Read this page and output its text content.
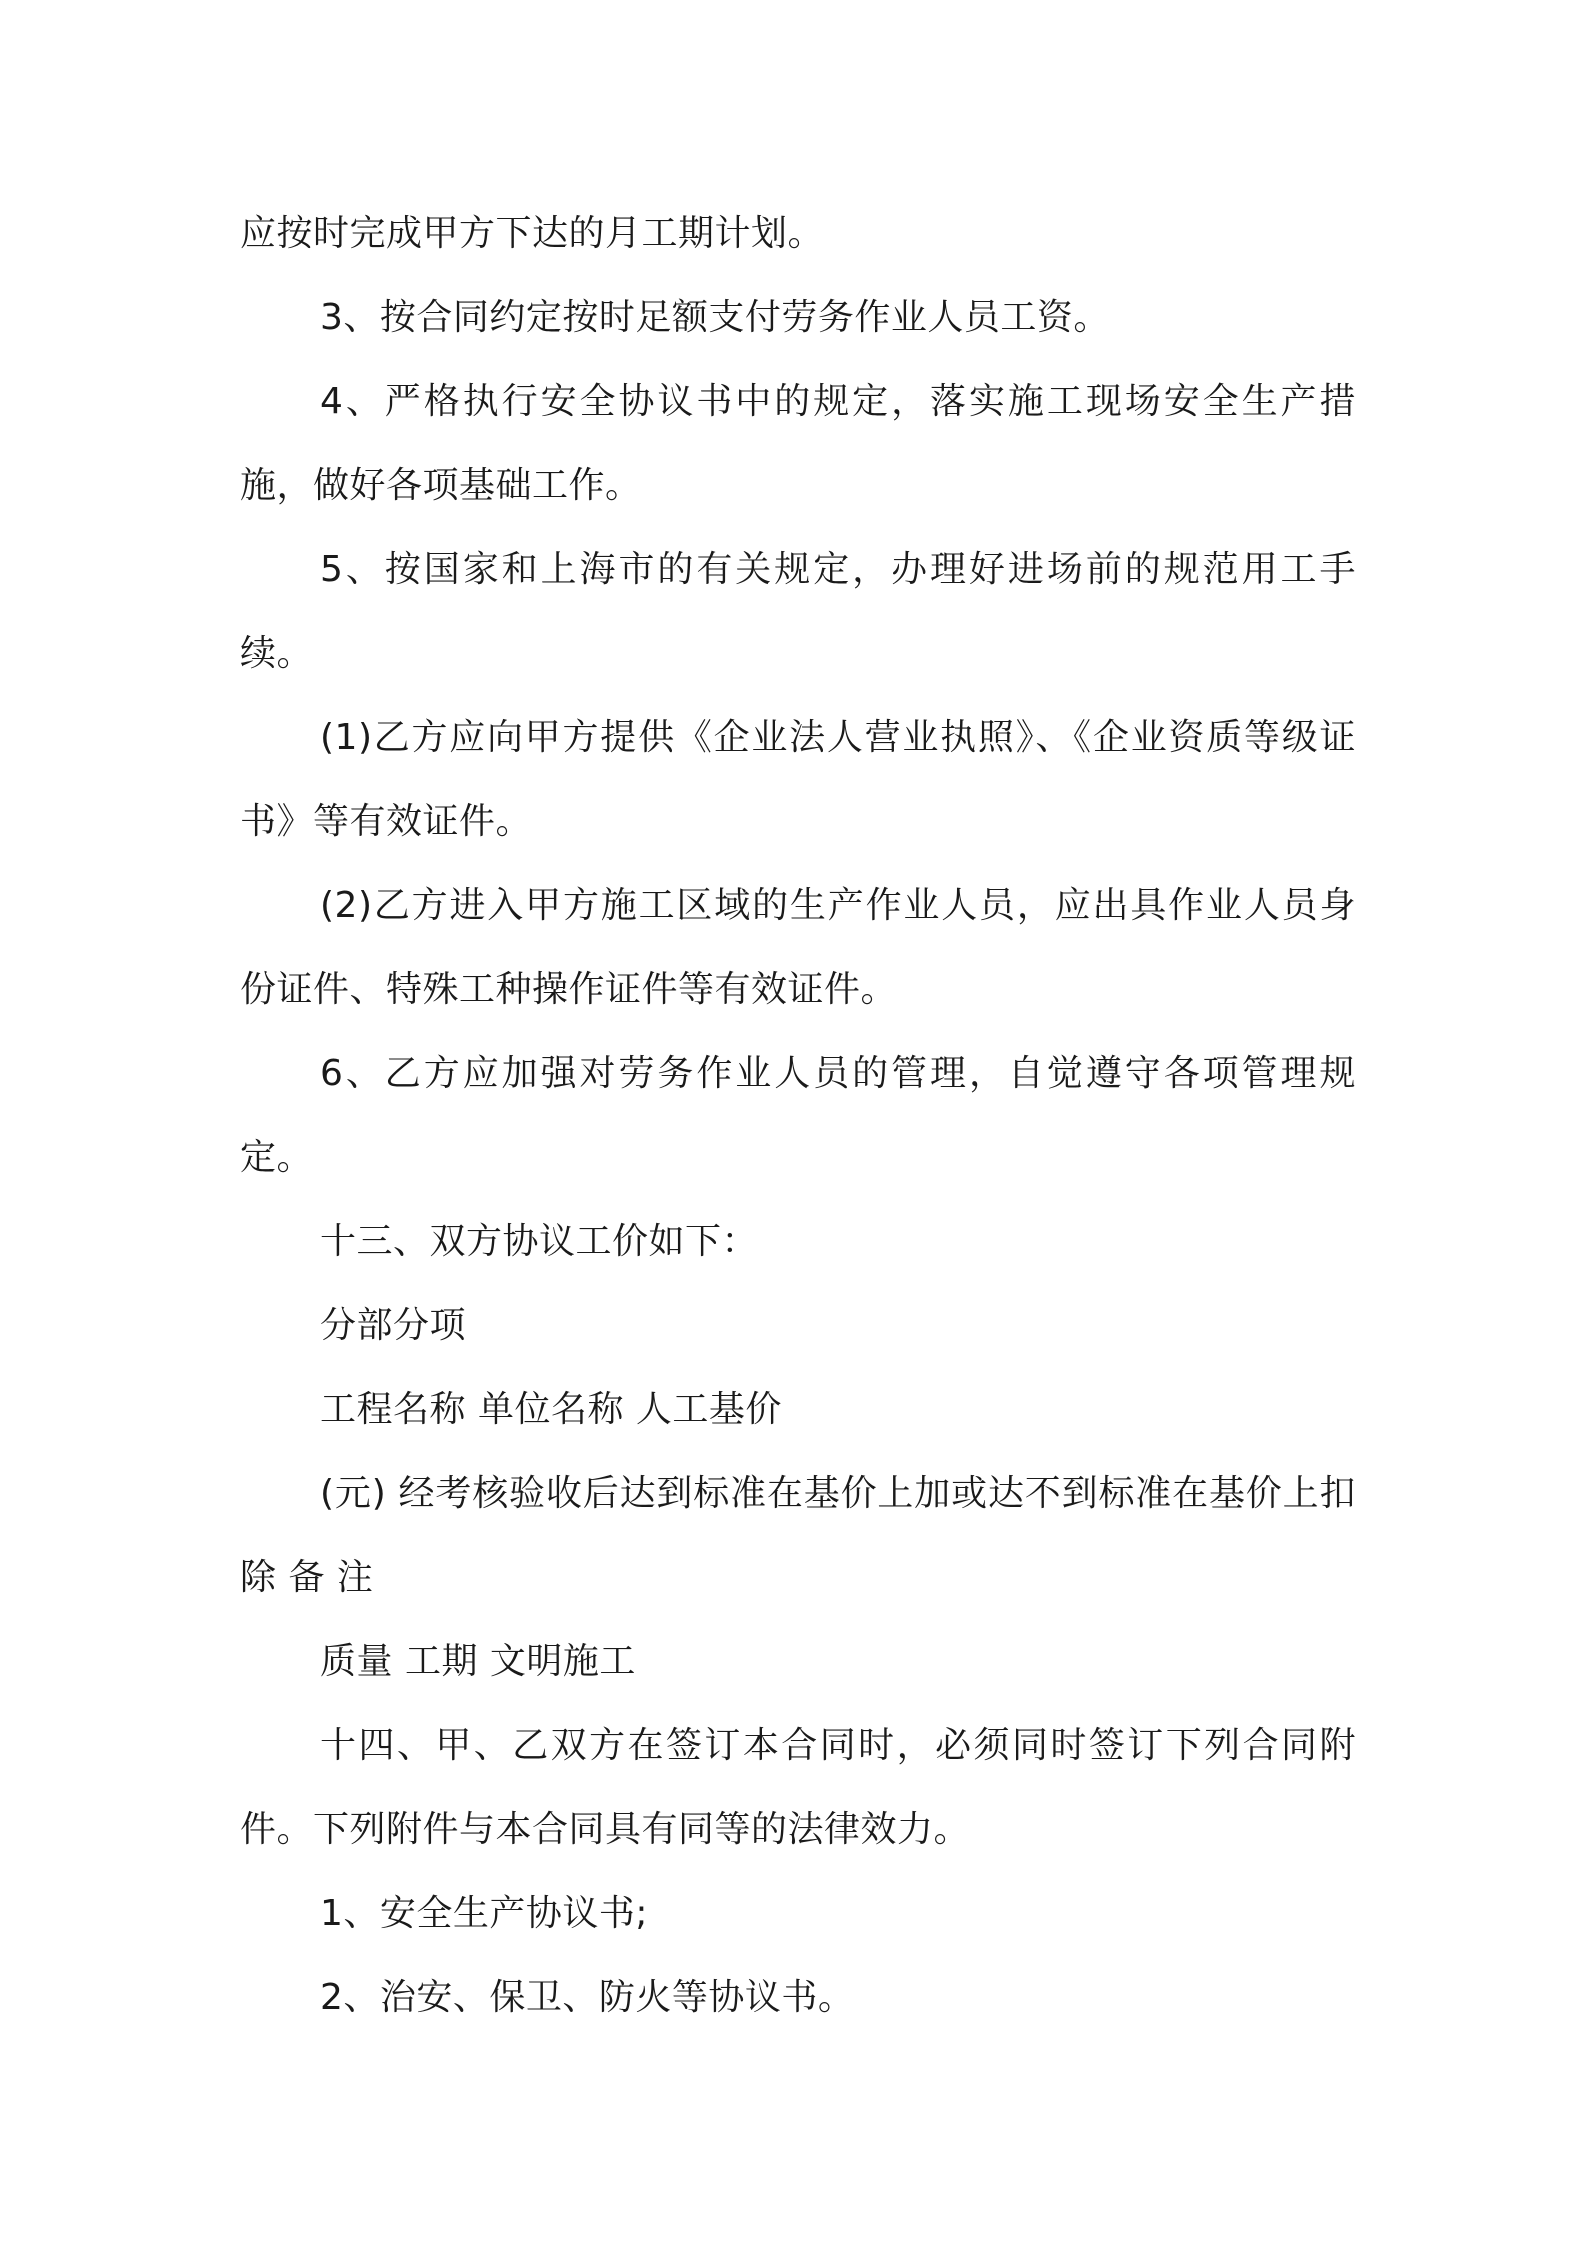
应按时完成甲方下达的月工期计划。

3、按合同约定按时足额支付劳务作业人员工资。

4、严格执行安全协议书中的规定，落实施工现场安全生产措施，做好各项基础工作。

5、按国家和上海市的有关规定，办理好进场前的规范用工手续。

(1)乙方应向甲方提供《企业法人营业执照》、《企业资质等级证书》等有效证件。

(2)乙方进入甲方施工区域的生产作业人员，应出具作业人员身份证件、特殊工种操作证件等有效证件。

6、乙方应加强对劳务作业人员的管理，自觉遵守各项管理规定。

十三、双方协议工价如下：

分部分项

工程名称 单位名称 人工基价

(元) 经考核验收后达到标准在基价上加或达不到标准在基价上扣除 备 注

质量 工期 文明施工

十四、甲、乙双方在签订本合同时，必须同时签订下列合同附件。下列附件与本合同具有同等的法律效力。

1、安全生产协议书;

2、治安、保卫、防火等协议书。
